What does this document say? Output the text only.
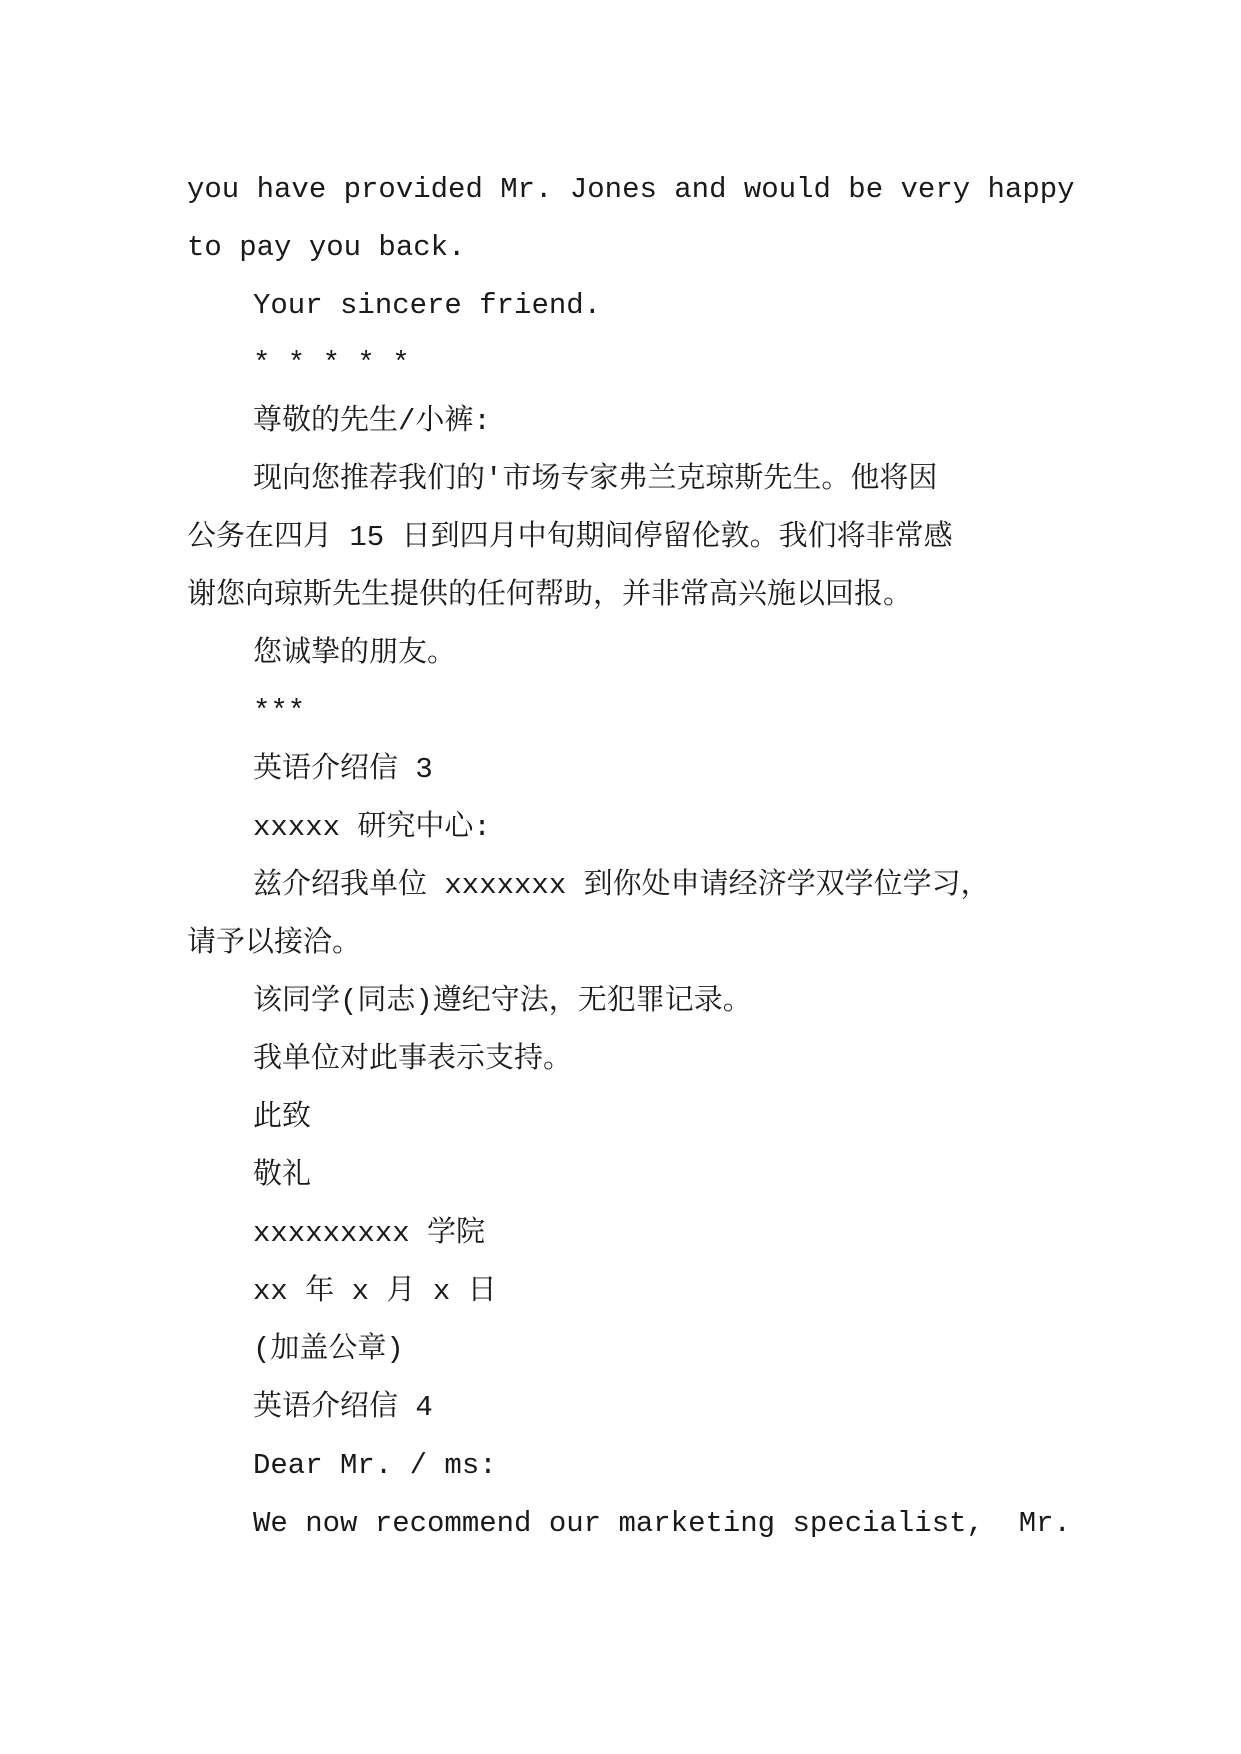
you have provided Mr. Jones and would be very happy
to pay you back.
Your sincere friend.
* * * * *
尊敬的先生/小裤:
现向您推荐我们的'市场专家弗兰克琼斯先生。他将因
公务在四月 15 日到四月中旬期间停留伦敦。我们将非常感
谢您向琼斯先生提供的任何帮助，并非常高兴施以回报。
您诚挚的朋友。
***
英语介绍信 3
xxxxx 研究中心:
兹介绍我单位 xxxxxxx 到你处申请经济学双学位学习，
请予以接洽。
该同学(同志)遵纪守法，无犯罪记录。
我单位对此事表示支持。
此致
敬礼
xxxxxxxxx 学院
xx 年 x 月 x 日
(加盖公章)
英语介绍信 4
Dear Mr. / ms:
We now recommend our marketing specialist,  Mr.
